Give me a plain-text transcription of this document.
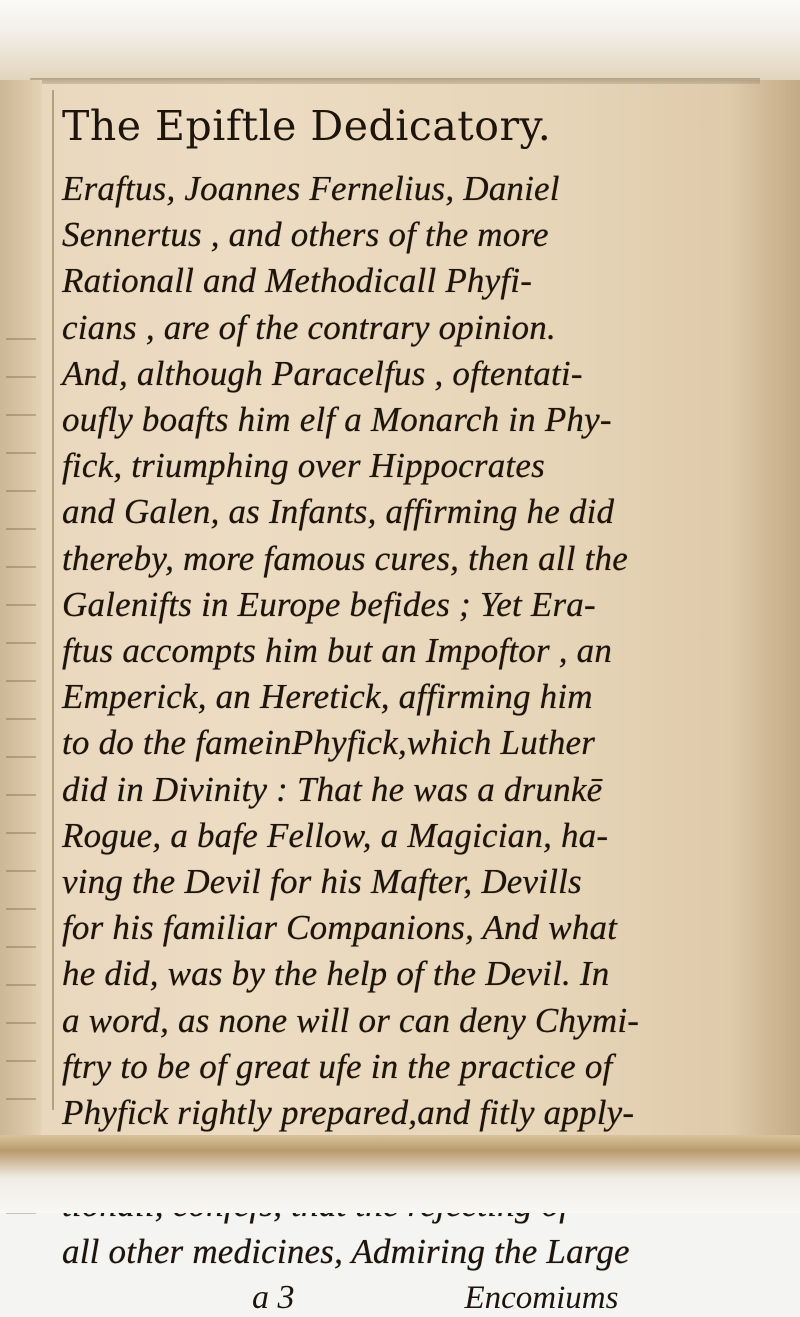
The Epiftle Dedicatory.
Eraftus, Joannes Fernelius, Daniel
Sennertus , and others of the more
Rationall and Methodicall Phyfi-
cians , are of the contrary opinion.
And, although Paracelfus , oftentati-
oufly boafts him elf a Monarch in Phy-
fick, triumphing over Hippocrates
and Galen, as Infants, affirming he did
thereby, more famous cures, then all the
Galenifts in Europe befides ; Yet Era-
ftus accompts him but an Impoftor , an
Emperick, an Heretick, affirming him
to do the fameinPhyfick,which Luther
did in Divinity : That he was a drunkē
Rogue, a bafe Fellow, a Magician, ha-
ving the Devil for his Mafter, Devills
for his familiar Companions, And what
he did, was by the help of the Devil. In
a word, as none will or can deny Chymi-
ftry to be of great ufe in the practice of
Phyfick rightly prepared,and fitly apply-
all other medicines, Admiring the Large
a 3	Encomiums
